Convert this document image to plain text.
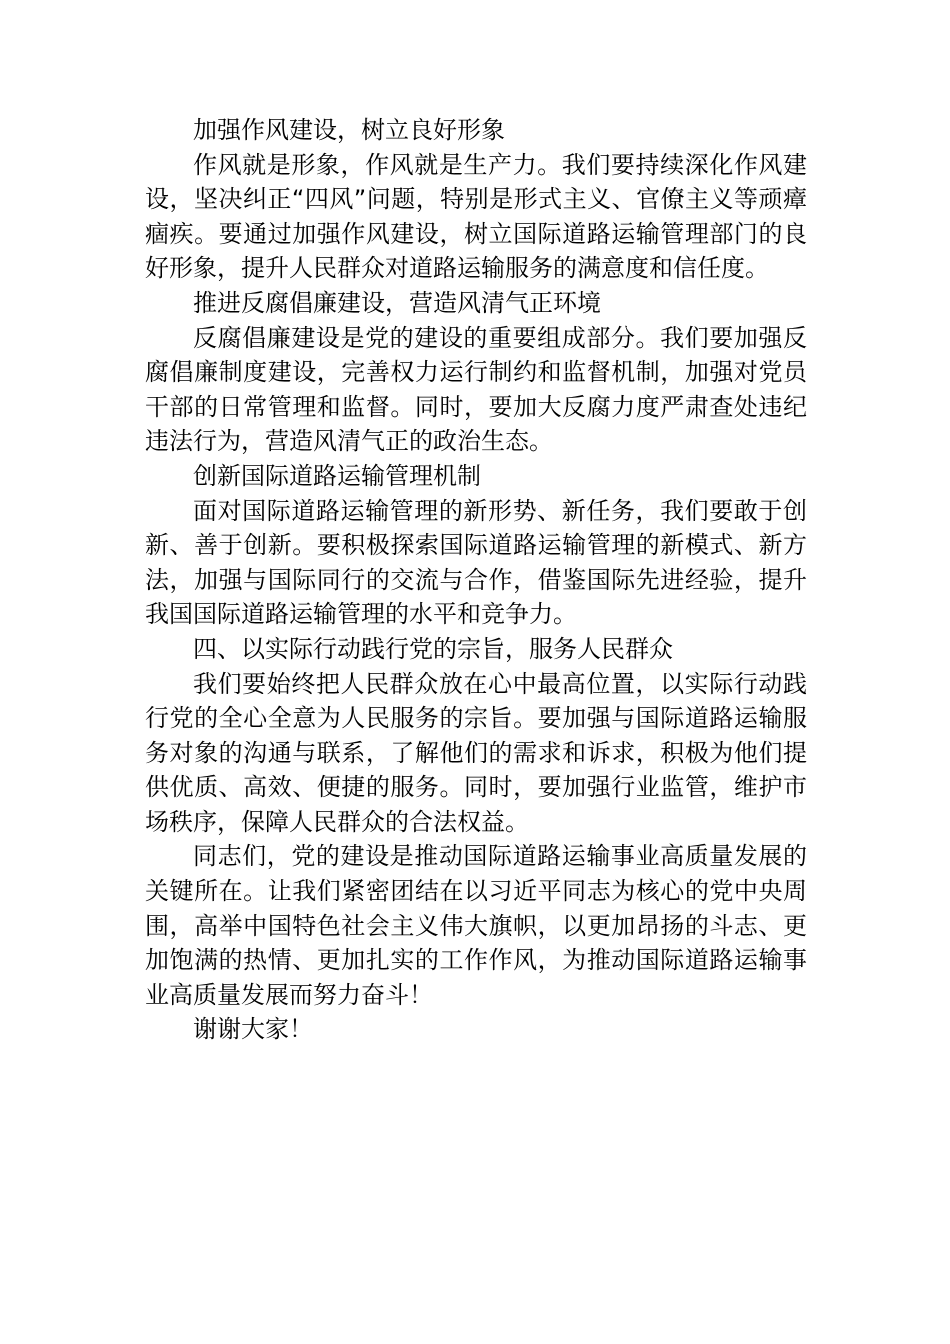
加强作风建设，树立良好形象

作风就是形象，作风就是生产力。我们要持续深化作风建设，坚决纠正“四风”问题，特别是形式主义、官僚主义等顽瘴痼疾。要通过加强作风建设，树立国际道路运输管理部门的良好形象，提升人民群众对道路运输服务的满意度和信任度。

推进反腐倡廉建设，营造风清气正环境

反腐倡廉建设是党的建设的重要组成部分。我们要加强反腐倡廉制度建设，完善权力运行制约和监督机制，加强对党员干部的日常管理和监督。同时，要加大反腐力度严肃查处违纪违法行为，营造风清气正的政治生态。

创新国际道路运输管理机制

面对国际道路运输管理的新形势、新任务，我们要敢于创新、善于创新。要积极探索国际道路运输管理的新模式、新方法，加强与国际同行的交流与合作，借鉴国际先进经验，提升我国国际道路运输管理的水平和竞争力。

四、以实际行动践行党的宗旨，服务人民群众

我们要始终把人民群众放在心中最高位置，以实际行动践行党的全心全意为人民服务的宗旨。要加强与国际道路运输服务对象的沟通与联系，了解他们的需求和诉求，积极为他们提供优质、高效、便捷的服务。同时，要加强行业监管，维护市场秩序，保障人民群众的合法权益。

同志们，党的建设是推动国际道路运输事业高质量发展的关键所在。让我们紧密团结在以习近平同志为核心的党中央周围，高举中国特色社会主义伟大旗帜，以更加昂扬的斗志、更加饱满的热情、更加扎实的工作作风，为推动国际道路运输事业高质量发展而努力奋斗！

谢谢大家！
